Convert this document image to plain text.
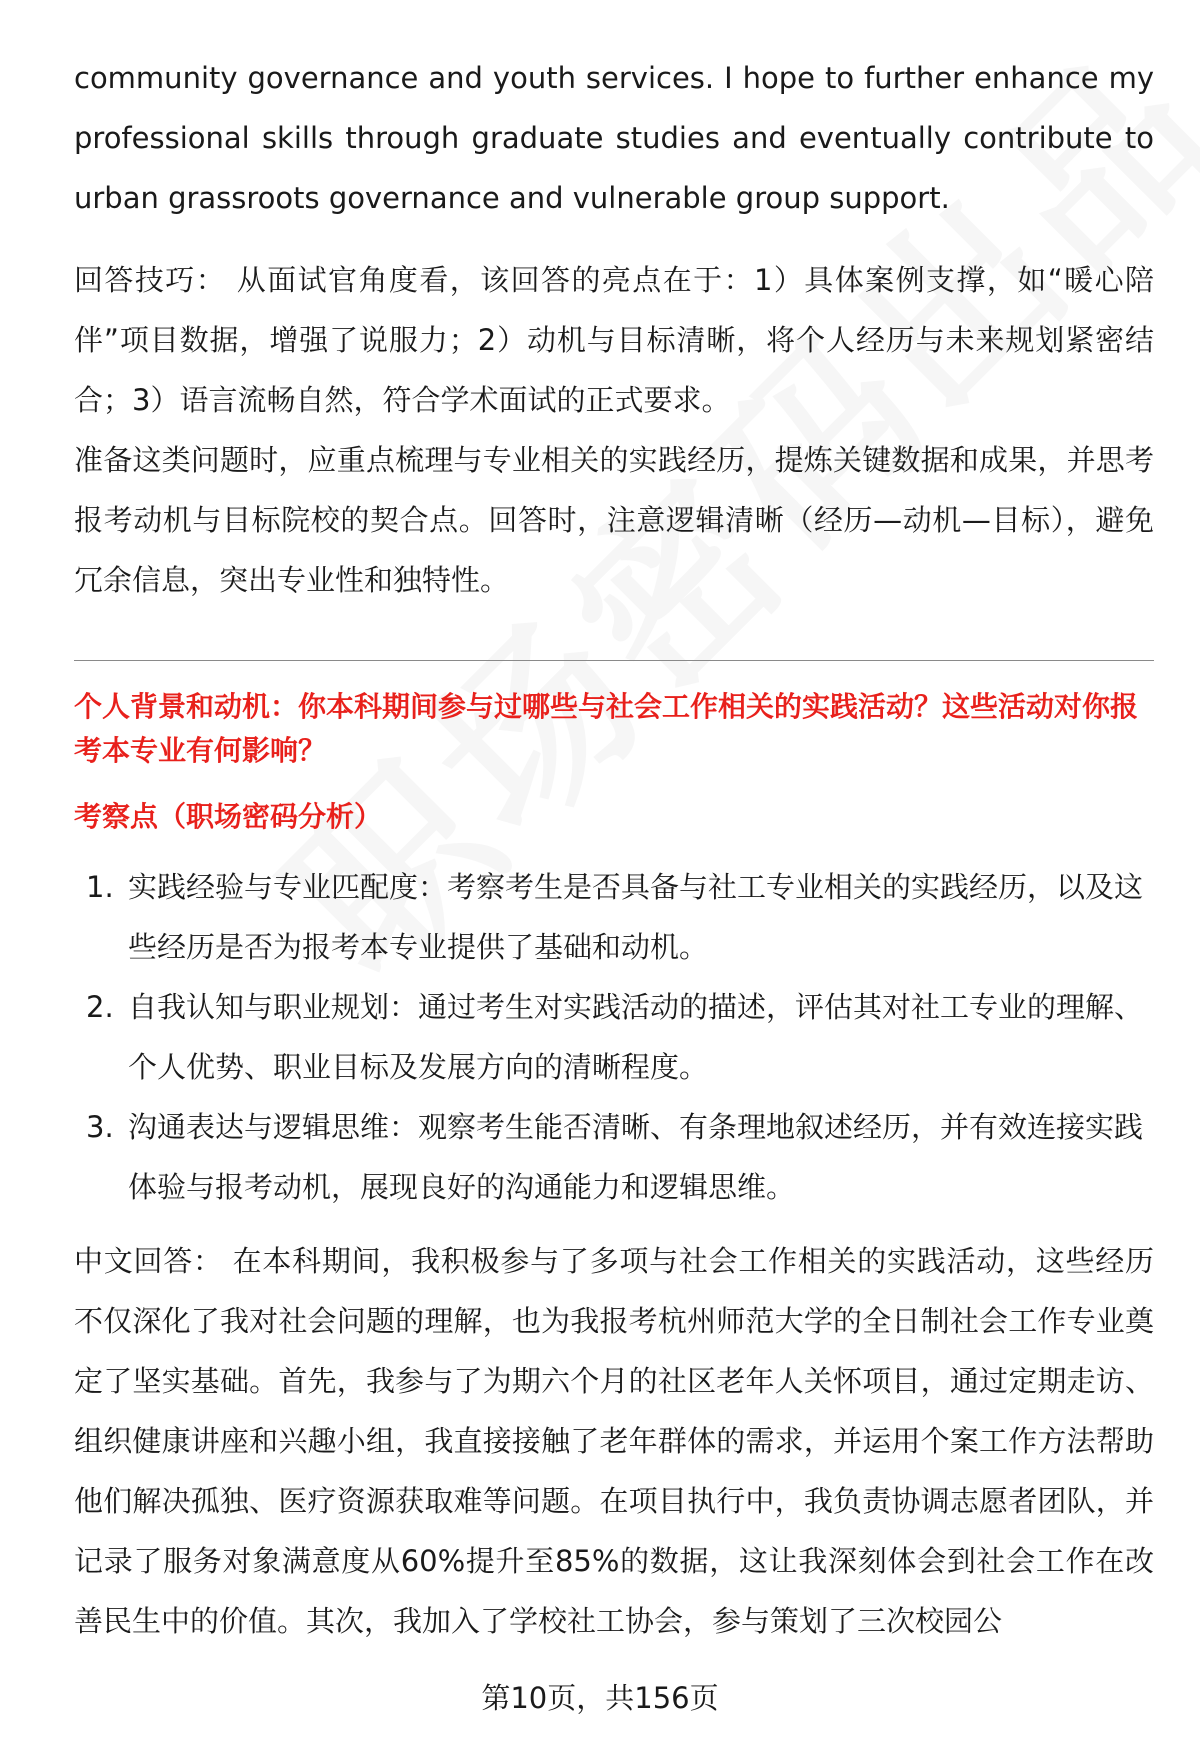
community governance and youth services. I hope to further enhance my professional skills through graduate studies and eventually contribute to urban grassroots governance and vulnerable group support.

回答技巧： 从面试官角度看，该回答的亮点在于：1）具体案例支撑，如“暖心陪伴”项目数据，增强了说服力；2）动机与目标清晰，将个人经历与未来规划紧密结合；3）语言流畅自然，符合学术面试的正式要求。

准备这类问题时，应重点梳理与专业相关的实践经历，提炼关键数据和成果，并思考报考动机与目标院校的契合点。回答时，注意逻辑清晰（经历—动机—目标），避免冗余信息，突出专业性和独特性。

个人背景和动机：你本科期间参与过哪些与社会工作相关的实践活动？这些活动对你报考本专业有何影响？

考察点（职场密码分析）

1. 实践经验与专业匹配度：考察考生是否具备与社工专业相关的实践经历，以及这些经历是否为报考本专业提供了基础和动机。
2. 自我认知与职业规划：通过考生对实践活动的描述，评估其对社工专业的理解、个人优势、职业目标及发展方向的清晰程度。
3. 沟通表达与逻辑思维：观察考生能否清晰、有条理地叙述经历，并有效连接实践体验与报考动机，展现良好的沟通能力和逻辑思维。

中文回答： 在本科期间，我积极参与了多项与社会工作相关的实践活动，这些经历不仅深化了我对社会问题的理解，也为我报考杭州师范大学的全日制社会工作专业奠定了坚实基础。首先，我参与了为期六个月的社区老年人关怀项目，通过定期走访、组织健康讲座和兴趣小组，我直接接触了老年群体的需求，并运用个案工作方法帮助他们解决孤独、医疗资源获取难等问题。在项目执行中，我负责协调志愿者团队，并记录了服务对象满意度从60%提升至85%的数据，这让我深刻体会到社会工作在改善民生中的价值。其次，我加入了学校社工协会，参与策划了三次校园公

第10页，共156页
